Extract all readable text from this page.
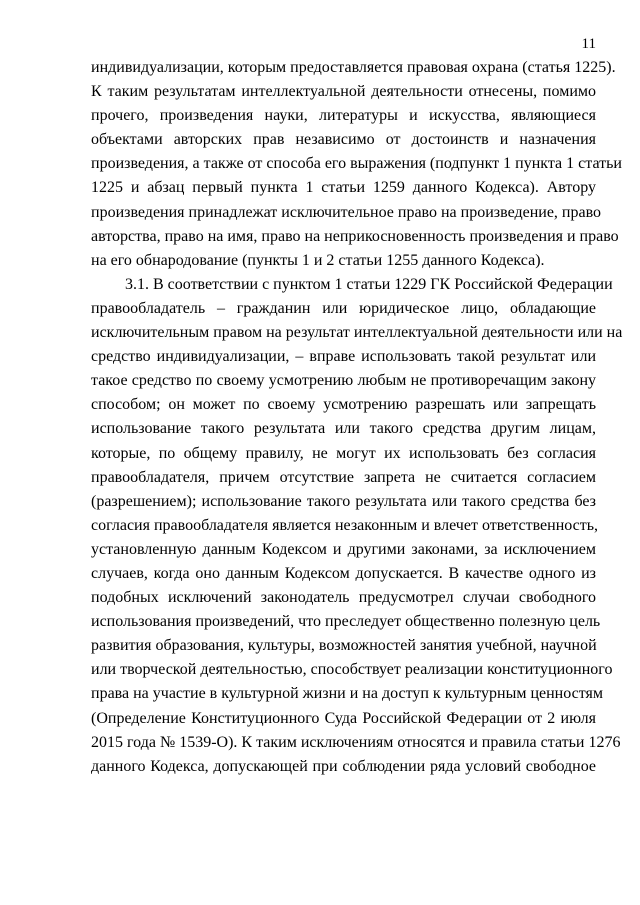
11
индивидуализации, которым предоставляется правовая охрана (статья 1225).
К таким результатам интеллектуальной деятельности отнесены, помимо
прочего, произведения науки, литературы и искусства, являющиеся
объектами авторских прав независимо от достоинств и назначения
произведения, а также от способа его выражения (подпункт 1 пункта 1 статьи
1225 и абзац первый пункта 1 статьи 1259 данного Кодекса). Автору
произведения принадлежат исключительное право на произведение, право
авторства, право на имя, право на неприкосновенность произведения и право
на его обнародование (пункты 1 и 2 статьи 1255 данного Кодекса).
3.1. В соответствии с пунктом 1 статьи 1229 ГК Российской Федерации
правообладатель – гражданин или юридическое лицо, обладающие
исключительным правом на результат интеллектуальной деятельности или на
средство индивидуализации, – вправе использовать такой результат или
такое средство по своему усмотрению любым не противоречащим закону
способом; он может по своему усмотрению разрешать или запрещать
использование такого результата или такого средства другим лицам,
которые, по общему правилу, не могут их использовать без согласия
правообладателя, причем отсутствие запрета не считается согласием
(разрешением); использование такого результата или такого средства без
согласия правообладателя является незаконным и влечет ответственность,
установленную данным Кодексом и другими законами, за исключением
случаев, когда оно данным Кодексом допускается. В качестве одного из
подобных исключений законодатель предусмотрел случаи свободного
использования произведений, что преследует общественно полезную цель
развития образования, культуры, возможностей занятия учебной, научной
или творческой деятельностью, способствует реализации конституционного
права на участие в культурной жизни и на доступ к культурным ценностям
(Определение Конституционного Суда Российской Федерации от 2 июля
2015 года № 1539-О). К таким исключениям относятся и правила статьи 1276
данного Кодекса, допускающей при соблюдении ряда условий свободное
